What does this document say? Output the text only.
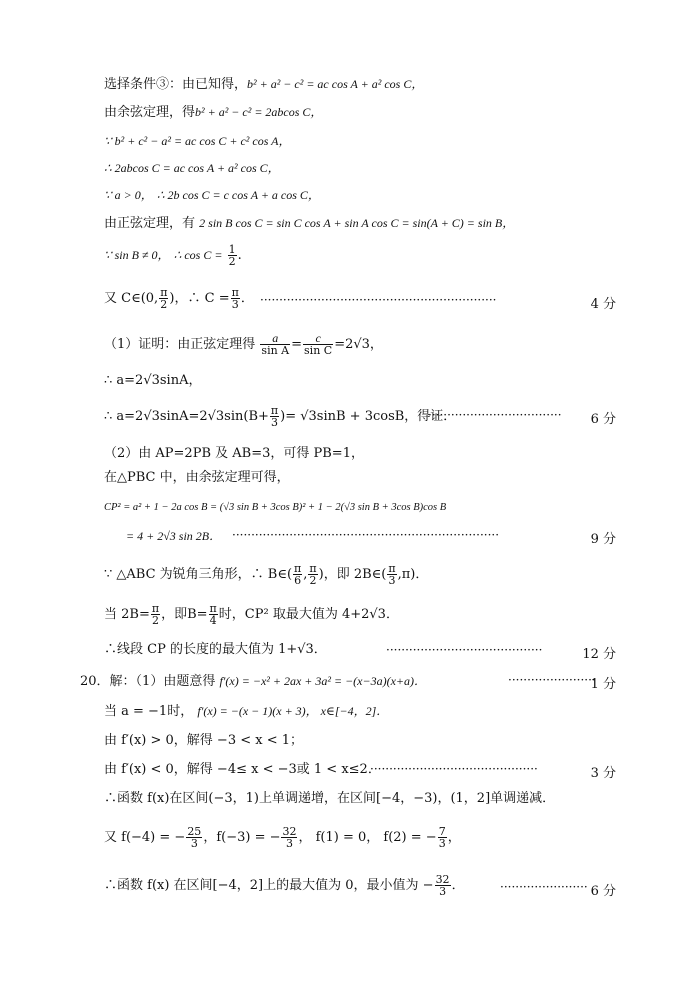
选择条件③：由已知得，b² + a² − c² = ac cos A + a² cos C，
由余弦定理，得b² + a² − c² = 2abcos C，
∵ b² + c² − a² = ac cos C + c² cos A，
∴ 2abcos C = ac cos A + a² cos C，
∵ a > 0， ∴ 2b cos C = c cos A + a cos C，
由正弦定理，有 2 sin B cos C = sin C cos A + sin A cos C = sin(A + C) = sin B，
∵ sin B ≠ 0， ∴ $\cos C = \frac{1}{2}$ .
又 C∈(0, $\frac{\pi}{2}$ )，∴ $C = \frac{\pi}{3}$ ． ······························································	4 分
（1）证明：由正弦定理得 $\frac{a}{\text{sin A}} = \frac{c}{\text{sin C}} =2√3$，
∴ a=2√3sinA，
∴ $a=2√3\sin A=2√3\sin(B+ \frac{\pi}{3}$ )= √3sinB + 3cosB，得证．
··································· 6 分
（2）由 AP=2PB 及 AB=3，可得 PB=1，
在△PBC 中，由余弦定理可得，
CP² = a² + 1 − 2a cos B = (√3 sin B + 3cos B)² + 1 − 2(√3 sin B + 3cos B)cos B
= 4 + 2√3 sin 2B． ······································································	9 分
∵ △ABC 为锐角三角形，∴ B∈( $\frac{\pi}{6}$ , $\frac{\pi}{2}$ )，即 2B∈( $\frac{\pi}{3} ,\pi$)．
当 $2B= \frac{\pi}{2}$ ，即$B= \frac{\pi}{4}$ 时，CP² 取最大值为 4+2√3．
∴线段 CP 的长度的最大值为 1+√3．	·········································	12 分
20．解：（1）由题意得 f′(x) = −x² + 2ax + 3a² = −(x−3a)(x+a)．	·······················
1 分
当 a = −1时， f′(x) = −(x − 1)(x + 3)， x∈[−4，2]．
由 f′(x) > 0，解得 −3 < x < 1；
由 f′(x) < 0，解得 −4≤ x < −3或 1 < x≤2．
············································	3 分
∴函数 f(x)在区间(−3，1)上单调递增，在区间[−4，−3)，(1，2]单调递减．
又 f(−4) = − $\frac{25}{3}$ ，f(−3) = − $\frac{32}{3}$ ， f(1) = 0， f(2) = − $\frac{7}{3}$ ，
∴函数 f(x) 在区间[−4，2]上的最大值为 0，最小值为 − $\frac{32}{3}$ ．	······················· 6 分
